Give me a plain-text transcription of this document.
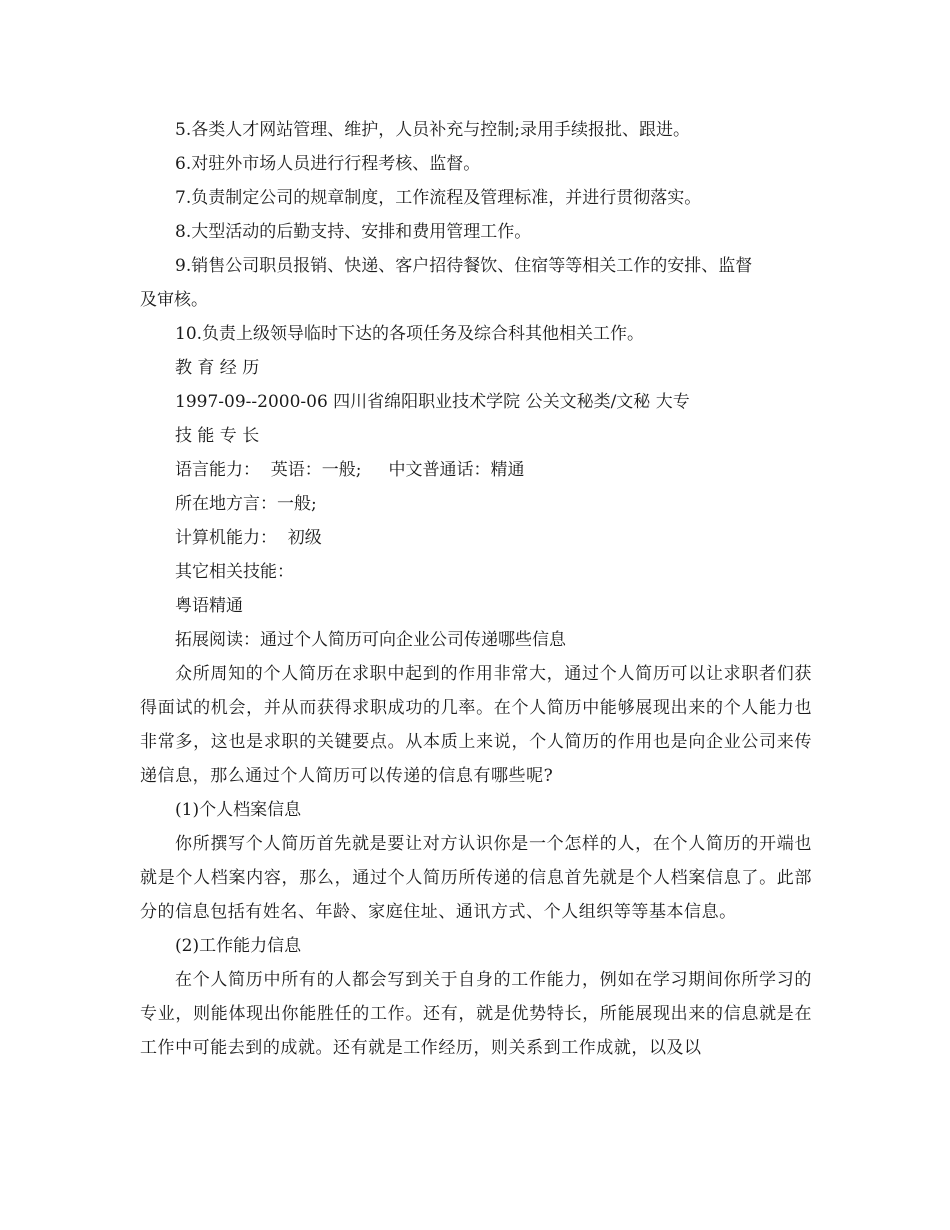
5.各类人才网站管理、维护，人员补充与控制;录用手续报批、跟进。

6.对驻外市场人员进行行程考核、监督。

7.负责制定公司的规章制度，工作流程及管理标准，并进行贯彻落实。

8.大型活动的后勤支持、安排和费用管理工作。

9.销售公司职员报销、快递、客户招待餐饮、住宿等等相关工作的安排、监督

及审核。

10.负责上级领导临时下达的各项任务及综合科其他相关工作。

教 育 经 历

1997-09--2000-06 四川省绵阳职业技术学院 公关文秘类/文秘 大专

技 能 专 长

语言能力：  英语：一般;     中文普通话：精通

所在地方言：一般;

计算机能力：  初级

其它相关技能：

粤语精通

拓展阅读：通过个人简历可向企业公司传递哪些信息

众所周知的个人简历在求职中起到的作用非常大，通过个人简历可以让求职者们获得面试的机会，并从而获得求职成功的几率。在个人简历中能够展现出来的个人能力也非常多，这也是求职的关键要点。从本质上来说，个人简历的作用也是向企业公司来传递信息，那么通过个人简历可以传递的信息有哪些呢?

(1)个人档案信息

你所撰写个人简历首先就是要让对方认识你是一个怎样的人，在个人简历的开端也就是个人档案内容，那么，通过个人简历所传递的信息首先就是个人档案信息了。此部分的信息包括有姓名、年龄、家庭住址、通讯方式、个人组织等等基本信息。

(2)工作能力信息

在个人简历中所有的人都会写到关于自身的工作能力，例如在学习期间你所学习的专业，则能体现出你能胜任的工作。还有，就是优势特长，所能展现出来的信息就是在工作中可能去到的成就。还有就是工作经历，则关系到工作成就，以及以
